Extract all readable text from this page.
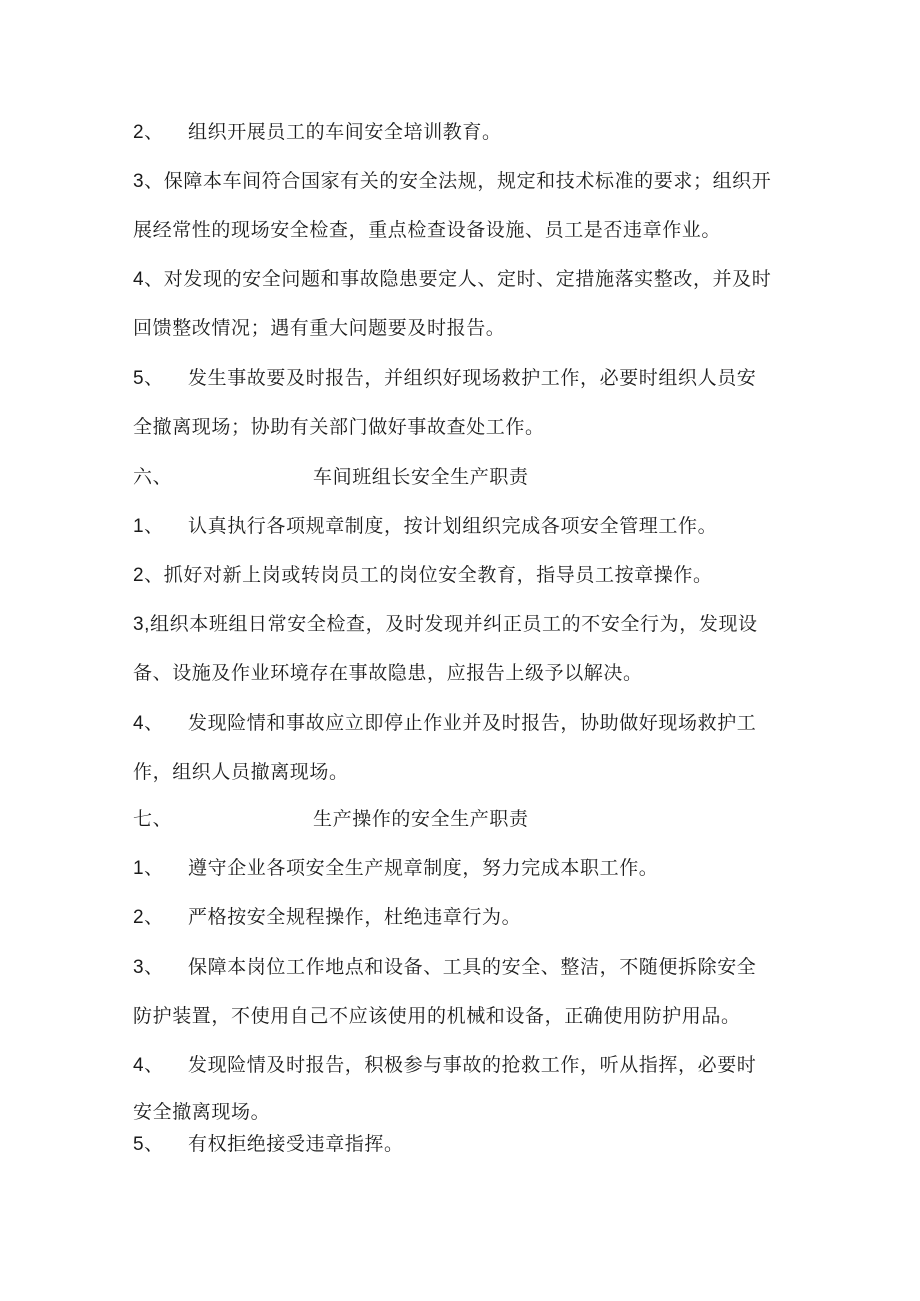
2、 组织开展员工的车间安全培训教育。
3、保障本车间符合国家有关的安全法规，规定和技术标准的要求；组织开
展经常性的现场安全检查，重点检查设备设施、员工是否违章作业。
4、对发现的安全问题和事故隐患要定人、定时、定措施落实整改，并及时
回馈整改情况；遇有重大问题要及时报告。
5、 发生事故要及时报告，并组织好现场救护工作，必要时组织人员安
全撤离现场；协助有关部门做好事故查处工作。
六、	车间班组长安全生产职责
1、 认真执行各项规章制度，按计划组织完成各项安全管理工作。
2、抓好对新上岗或转岗员工的岗位安全教育，指导员工按章操作。
3,组织本班组日常安全检查，及时发现并纠正员工的不安全行为，发现设
备、设施及作业环境存在事故隐患，应报告上级予以解决。
4、 发现险情和事故应立即停止作业并及时报告，协助做好现场救护工
作，组织人员撤离现场。
七、	生产操作的安全生产职责
1、 遵守企业各项安全生产规章制度，努力完成本职工作。
2、 严格按安全规程操作，杜绝违章行为。
3、 保障本岗位工作地点和设备、工具的安全、整洁，不随便拆除安全
防护装置，不使用自己不应该使用的机械和设备，正确使用防护用品。
4、 发现险情及时报告，积极参与事故的抢救工作，听从指挥，必要时
安全撤离现场。
5、 有权拒绝接受违章指挥。
